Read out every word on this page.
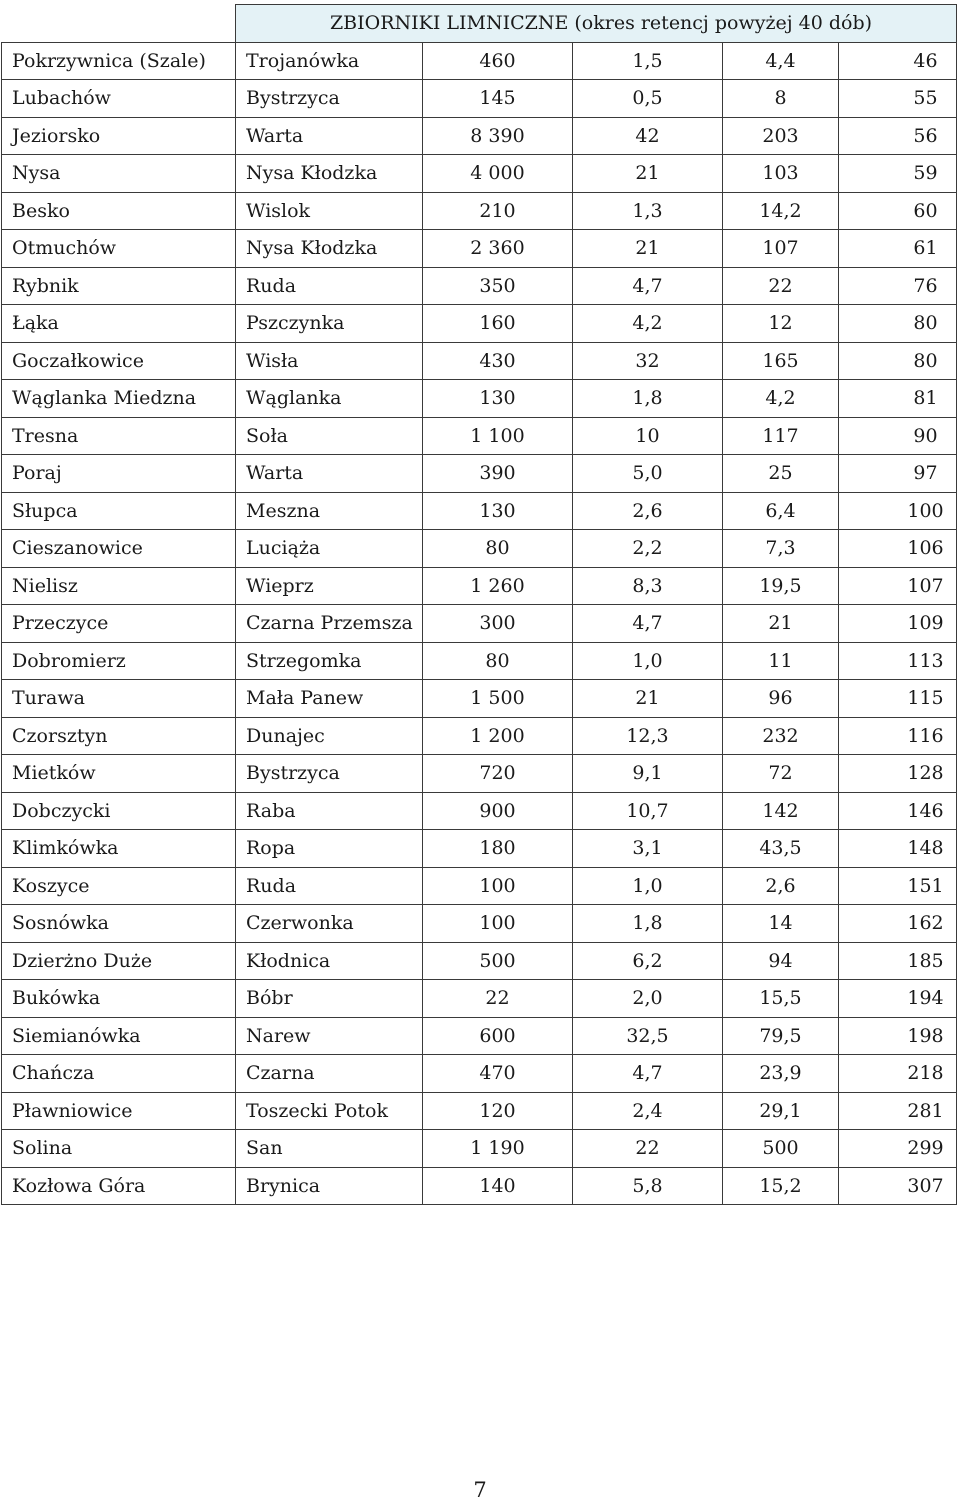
	ZBIORNIKI LIMNICZNE (okres retencj powyżej 40 dób)				
Pokrzywnica (Szale)	Trojanówka	460	1,5	4,4	46
Lubachów	Bystrzyca	145	0,5	8	55
Jeziorsko	Warta	8 390	42	203	56
Nysa	Nysa Kłodzka	4 000	21	103	59
Besko	Wislok	210	1,3	14,2	60
Otmuchów	Nysa Kłodzka	2 360	21	107	61
Rybnik	Ruda	350	4,7	22	76
Łąka	Pszczynka	160	4,2	12	80
Goczałkowice	Wisła	430	32	165	80
Wąglanka Miedzna	Wąglanka	130	1,8	4,2	81
Tresna	Soła	1 100	10	117	90
Poraj	Warta	390	5,0	25	97
Słupca	Meszna	130	2,6	6,4	100
Cieszanowice	Luciąża	80	2,2	7,3	106
Nielisz	Wieprz	1 260	8,3	19,5	107
Przeczyce	Czarna Przemsza	300	4,7	21	109
Dobromierz	Strzegomka	80	1,0	11	113
Turawa	Mała Panew	1 500	21	96	115
Czorsztyn	Dunajec	1 200	12,3	232	116
Mietków	Bystrzyca	720	9,1	72	128
Dobczycki	Raba	900	10,7	142	146
Klimkówka	Ropa	180	3,1	43,5	148
Koszyce	Ruda	100	1,0	2,6	151
Sosnówka	Czerwonka	100	1,8	14	162
Dzierżno Duże	Kłodnica	500	6,2	94	185
Bukówka	Bóbr	22	2,0	15,5	194
Siemianówka	Narew	600	32,5	79,5	198
Chańcza	Czarna	470	4,7	23,9	218
Pławniowice	Toszecki Potok	120	2,4	29,1	281
Solina	San	1 190	22	500	299
Kozłowa Góra	Brynica	140	5,8	15,2	307
7
